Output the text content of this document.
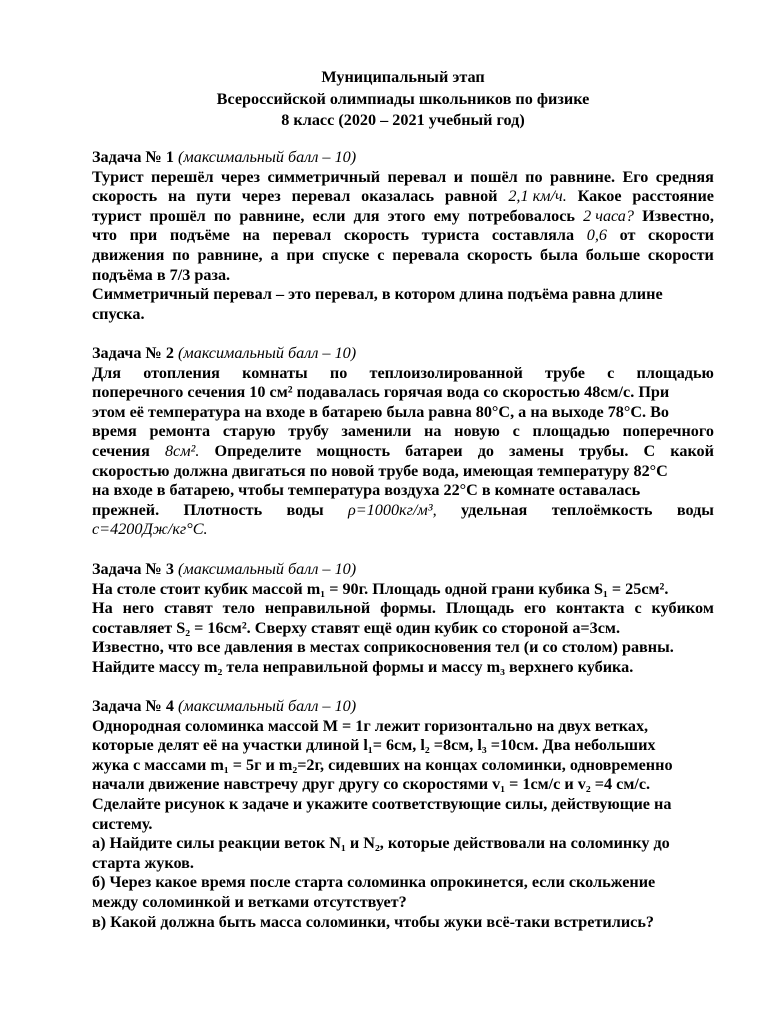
Муниципальный этап
Всероссийской олимпиады школьников по физике
8 класс (2020 – 2021 учебный год)
Задача № 1 (максимальный балл – 10)
Турист перешёл через симметричный перевал и пошёл по равнине. Его средняя
скорость на пути через перевал оказалась равной 2,1 км/ч. Какое расстояние
турист прошёл по равнине, если для этого ему потребовалось 2 часа? Известно,
что при подъёме на перевал скорость туриста составляла 0,6 от скорости
движения по равнине, а при спуске с перевала скорость была больше скорости
подъёма в 7/3 раза.
Симметричный перевал – это перевал, в котором длина подъёма равна длине
спуска.
Задача № 2 (максимальный балл – 10)
Для отопления комнаты по теплоизолированной трубе с площадью
поперечного сечения 10 см² подавалась горячая вода со скоростью 48см/с. При
этом её температура на входе в батарею была равна 80°С, а на выходе 78°С. Во
время ремонта старую трубу заменили на новую с площадью поперечного
сечения 8см². Определите мощность батареи до замены трубы. С какой
скоростью должна двигаться по новой трубе вода, имеющая температуру 82°С
на входе в батарею, чтобы температура воздуха 22°С в комнате оставалась
прежней. Плотность воды ρ=1000кг/м³, удельная теплоёмкость воды
с=4200Дж/кг°С.
Задача № 3 (максимальный балл – 10)
На столе стоит кубик массой m₁ = 90г. Площадь одной грани кубика S₁ = 25см².
На него ставят тело неправильной формы. Площадь его контакта с кубиком
составляет S₂ = 16см². Сверху ставят ещё один кубик со стороной а=3см.
Известно, что все давления в местах соприкосновения тел (и со столом) равны.
Найдите массу m₂ тела неправильной формы и массу m₃ верхнего кубика.
Задача № 4 (максимальный балл – 10)
Однородная соломинка массой М = 1г лежит горизонтально на двух ветках,
которые делят её на участки длиной l₁= 6см, l₂ =8см, l₃ =10см. Два небольших
жука с массами m₁ = 5г и m₂=2г, сидевших на концах соломинки, одновременно
начали движение навстречу друг другу со скоростями v₁ = 1см/с и v₂ =4 см/с.
Сделайте рисунок к задаче и укажите соответствующие силы, действующие на
систему.
а) Найдите силы реакции веток N₁ и N₂, которые действовали на соломинку до
старта жуков.
б) Через какое время после старта соломинка опрокинется, если скольжение
между соломинкой и ветками отсутствует?
в) Какой должна быть масса соломинки, чтобы жуки всё-таки встретились?
